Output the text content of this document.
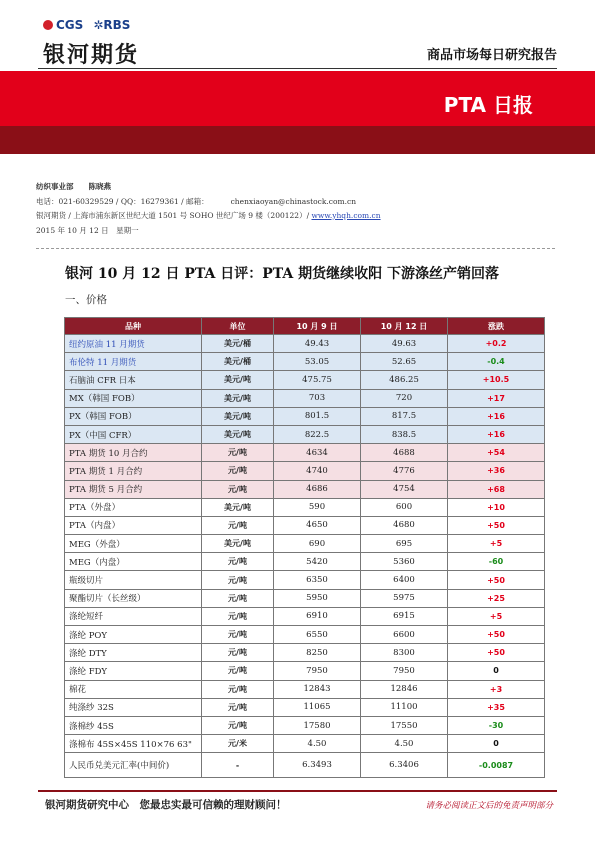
CGS ✲RBS
银河期货	商品市场每日研究报告
PTA 日报
纺织事业部　　 陈晓燕
电话：021-60329529 / QQ：16279361 / 邮箱：	chenxiaoyan@chinastock.com.cn
银河期货 / 上海市浦东新区世纪大道 1501 号 SOHO 世纪广场 9 楼（200122）/ www.yhqh.com.cn
2015 年 10 月 12 日　星期一
银河 10 月 12 日 PTA 日评：PTA 期货继续收阳 下游涤丝产销回落
一、价格
品种	单位	10 月 9 日	10 月 12 日	涨跌
纽约原油 11 月期货	美元/桶	49.43	49.63	+0.2
布伦特 11 月期货	美元/桶	53.05	52.65	-0.4
石脑油 CFR 日本	美元/吨	475.75	486.25	+10.5
MX（韩国 FOB）	美元/吨	703	720	+17
PX（韩国 FOB）	美元/吨	801.5	817.5	+16
PX（中国 CFR）	美元/吨	822.5	838.5	+16
PTA 期货 10 月合约	元/吨	4634	4688	+54
PTA 期货 1 月合约	元/吨	4740	4776	+36
PTA 期货 5 月合约	元/吨	4686	4754	+68
PTA（外盘）	美元/吨	590	600	+10
PTA（内盘）	元/吨	4650	4680	+50
MEG（外盘）	美元/吨	690	695	+5
MEG（内盘）	元/吨	5420	5360	-60
瓶级切片	元/吨	6350	6400	+50
聚酯切片（长丝级）	元/吨	5950	5975	+25
涤纶短纤	元/吨	6910	6915	+5
涤纶 POY	元/吨	6550	6600	+50
涤纶 DTY	元/吨	8250	8300	+50
涤纶 FDY	元/吨	7950	7950	0
棉花	元/吨	12843	12846	+3
纯涤纱 32S	元/吨	11065	11100	+35
涤棉纱 45S	元/吨	17580	17550	-30
涤棉布 45S×45S 110×76 63"	元/米	4.50	4.50	0
人民币兑美元汇率(中间价)	-	6.3493	6.3406	-0.0087
银河期货研究中心　您最忠实最可信赖的理财顾问！	请务必阅读正文后的免责声明部分
